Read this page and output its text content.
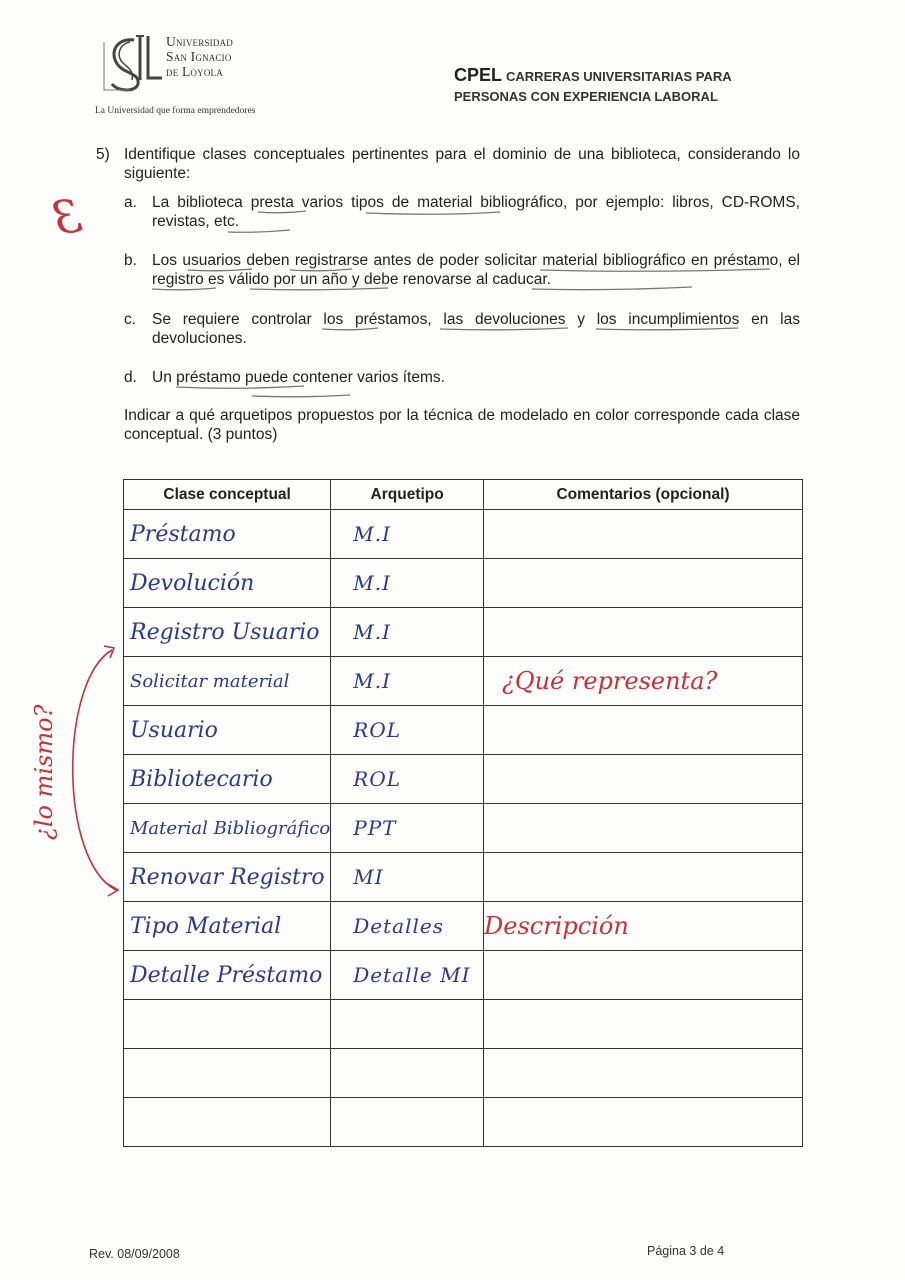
Universidad
San Ignacio
de Loyola
La Universidad que forma emprendedores
CPEL CARRERAS UNIVERSITARIAS PARA
PERSONAS CON EXPERIENCIA LABORAL
5) Identifique clases conceptuales pertinentes para el dominio de una biblioteca, considerando lo siguiente:
a. La biblioteca presta varios tipos de material bibliográfico, por ejemplo: libros, CD-ROMS, revistas, etc.
b. Los usuarios deben registrarse antes de poder solicitar material bibliográfico en préstamo, el registro es válido por un año y debe renovarse al caducar.
c. Se requiere controlar los préstamos, las devoluciones y los incumplimientos en las devoluciones.
d. Un préstamo puede contener varios ítems.
Indicar a qué arquetipos propuestos por la técnica de modelado en color corresponde cada clase conceptual. (3 puntos)
3
¿lo mismo?
Clase conceptual	Arquetipo	Comentarios (opcional)

Préstamo	M.I	

Devolución	M.I	

Registro Usuario	M.I	

Solicitar material	M.I	¿Qué representa?

Usuario	ROL	

Bibliotecario	ROL	

Material Bibliográfico	PPT	

Renovar Registro	MI	

Tipo Material	Detalles	Descripción

Detalle Préstamo	Detalle MI	

Rev. 08/09/2008	Página 3 de 4
